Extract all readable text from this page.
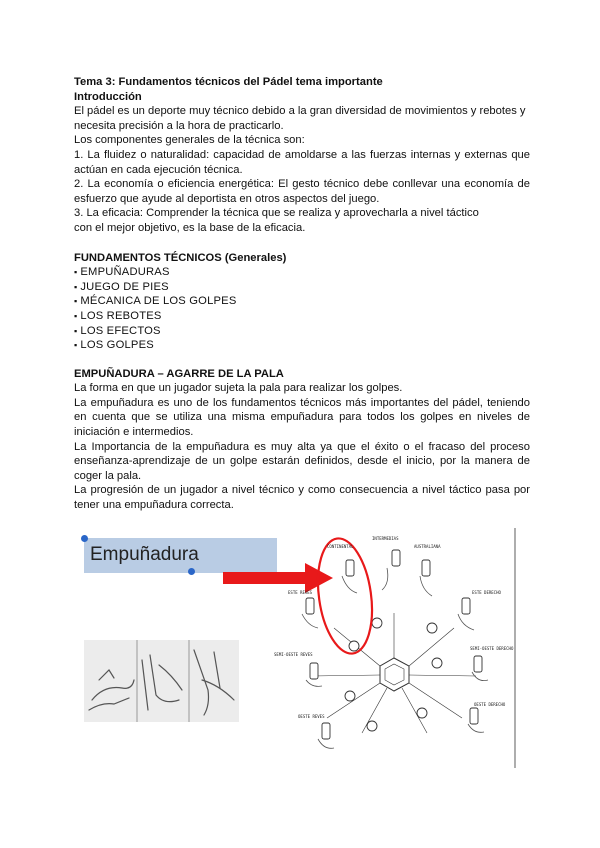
Tema 3: Fundamentos técnicos del Pádel tema importante

Introducción

El pádel es un deporte muy técnico debido a la gran diversidad de movimientos y rebotes y necesita precisión a la hora de practicarlo.

Los componentes generales de la técnica son:

1. La fluidez o naturalidad: capacidad de amoldarse a las fuerzas internas y externas que actúan en cada ejecución técnica.

2. La economía o eficiencia energética: El gesto técnico debe conllevar una economía de esfuerzo que ayude al deportista en otros aspectos del juego.

3. La eficacia: Comprender la técnica que se realiza y aprovecharla a nivel táctico

con el mejor objetivo, es la base de la eficacia.

FUNDAMENTOS TÉCNICOS (Generales)

▪ EMPUÑADURAS
▪ JUEGO DE PIES
▪ MÉCANICA DE LOS GOLPES
▪ LOS REBOTES
▪ LOS EFECTOS
▪ LOS GOLPES

EMPUÑADURA – AGARRE DE LA PALA

La forma en que un jugador sujeta la pala para realizar los golpes.

La empuñadura es uno de los fundamentos técnicos más importantes del pádel, teniendo en cuenta que se utiliza una misma empuñadura para todos los golpes en niveles de iniciación e intermedios.

La Importancia de la empuñadura es muy alta ya que el éxito o el fracaso del proceso enseñanza-aprendizaje de un golpe estarán definidos, desde el inicio, por la manera de coger la pala.

La progresión de un jugador a nivel técnico y como consecuencia a nivel táctico pasa por tener una empuñadura correcta.

Empuñadura
INTERMEDIAS
CONTINENTAL	AUSTRALIANA
ESTE REVES	ESTE DERECHO
SEMI-OESTE REVES
SEMI-OESTE DERECHO
OESTE REVES
OESTE DERECHO
